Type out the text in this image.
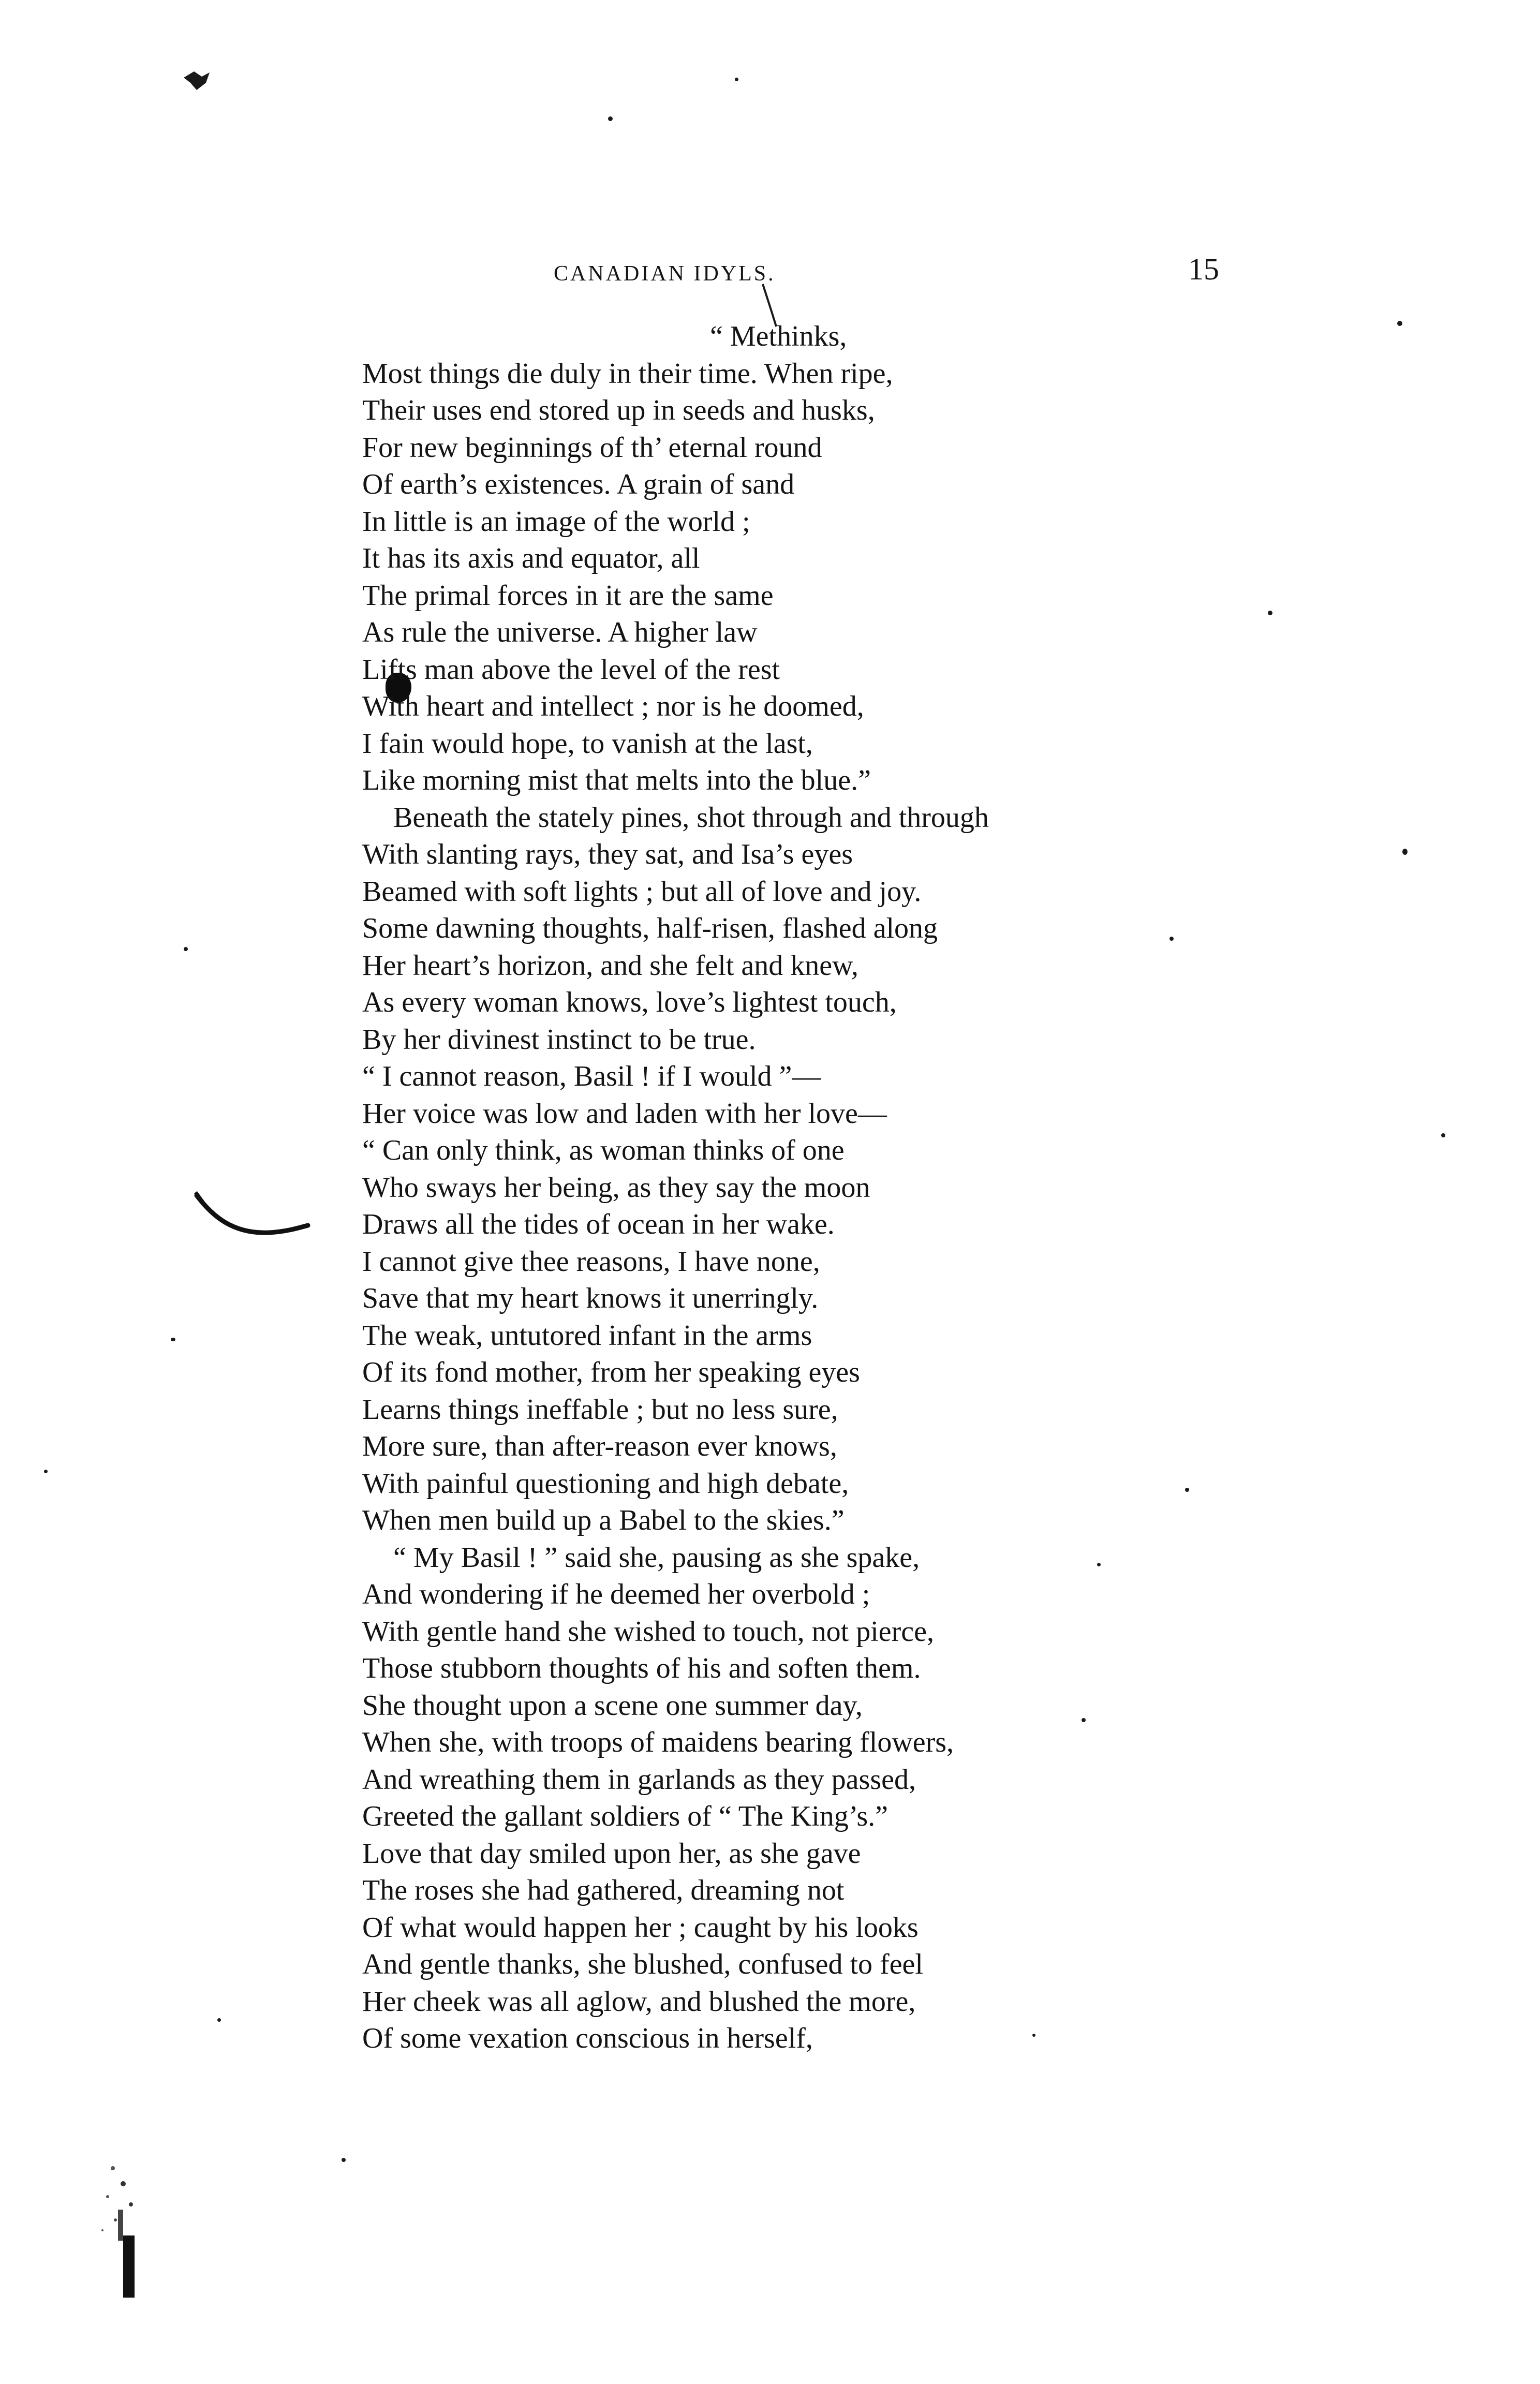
CANADIAN IDYLS.	15
“ Methinks,
Most things die duly in their time. When ripe,
Their uses end stored up in seeds and husks,
For new beginnings of th’ eternal round
Of earth’s existences. A grain of sand
In little is an image of the world ;
It has its axis and equator, all
The primal forces in it are the same
As rule the universe. A higher law
Lifts man above the level of the rest
With heart and intellect ; nor is he doomed,
I fain would hope, to vanish at the last,
Like morning mist that melts into the blue.”
Beneath the stately pines, shot through and through
With slanting rays, they sat, and Isa’s eyes
Beamed with soft lights ; but all of love and joy.
Some dawning thoughts, half-risen, flashed along
Her heart’s horizon, and she felt and knew,
As every woman knows, love’s lightest touch,
By her divinest instinct to be true.
“ I cannot reason, Basil ! if I would ”—
Her voice was low and laden with her love—
“ Can only think, as woman thinks of one
Who sways her being, as they say the moon
Draws all the tides of ocean in her wake.
I cannot give thee reasons, I have none,
Save that my heart knows it unerringly.
The weak, untutored infant in the arms
Of its fond mother, from her speaking eyes
Learns things ineffable ; but no less sure,
More sure, than after-reason ever knows,
With painful questioning and high debate,
When men build up a Babel to the skies.”
“ My Basil ! ” said she, pausing as she spake,
And wondering if he deemed her overbold ;
With gentle hand she wished to touch, not pierce,
Those stubborn thoughts of his and soften them.
She thought upon a scene one summer day,
When she, with troops of maidens bearing flowers,
And wreathing them in garlands as they passed,
Greeted the gallant soldiers of “ The King’s.”
Love that day smiled upon her, as she gave
The roses she had gathered, dreaming not
Of what would happen her ; caught by his looks
And gentle thanks, she blushed, confused to feel
Her cheek was all aglow, and blushed the more,
Of some vexation conscious in herself,
